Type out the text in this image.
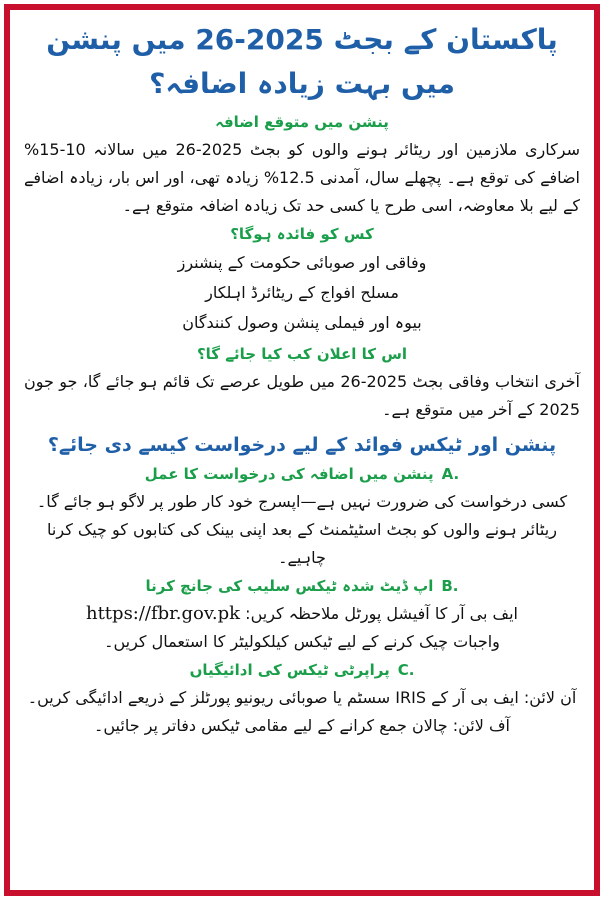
پاکستان کے بجٹ 2025-26 میں پنشن میں بہت زیادہ اضافہ؟
پنشن میں متوقع اضافہ

سرکاری ملازمین اور ریٹائر ہونے والوں کو بجٹ 2025-26 میں سالانہ 10-15% اضافے کی توقع ہے۔ پچھلے سال، آمدنی 12.5% زیادہ تھی، اور اس بار، زیادہ اضافے کے لیے بلا معاوضہ، اسی طرح یا کسی حد تک زیادہ اضافہ متوقع ہے۔

کس کو فائدہ ہوگا؟
وفاقی اور صوبائی حکومت کے پنشنرز
مسلح افواج کے ریٹائرڈ اہلکار
بیوہ اور فیملی پنشن وصول کنندگان
اس کا اعلان کب کیا جائے گا؟

آخری انتخاب وفاقی بجٹ 2025-26 میں طویل عرصے تک قائم ہو جائے گا، جو جون 2025 کے آخر میں متوقع ہے۔

پنشن اور ٹیکس فوائد کے لیے درخواست کیسے دی جائے؟
A.
پنشن میں اضافہ کی درخواست کا عمل

کسی درخواست کی ضرورت نہیں ہے—اپسرج خود کار طور پر لاگو ہو جائے گا۔

ریٹائر ہونے والوں کو بجٹ اسٹیٹمنٹ کے بعد اپنی بینک کی کتابوں کو چیک کرنا چاہیے۔

B.
اپ ڈیٹ شدہ ٹیکس سلیب کی جانچ کرنا

ایف بی آر کا آفیشل پورٹل ملاحظہ کریں: https://fbr.gov.pk

واجبات چیک کرنے کے لیے ٹیکس کیلکولیٹر کا استعمال کریں۔

C.
پراپرٹی ٹیکس کی ادائیگیاں

آن لائن: ایف بی آر کے IRIS سسٹم یا صوبائی ریونیو پورٹلز کے ذریعے ادائیگی کریں۔

آف لائن: چالان جمع کرانے کے لیے مقامی ٹیکس دفاتر پر جائیں۔
